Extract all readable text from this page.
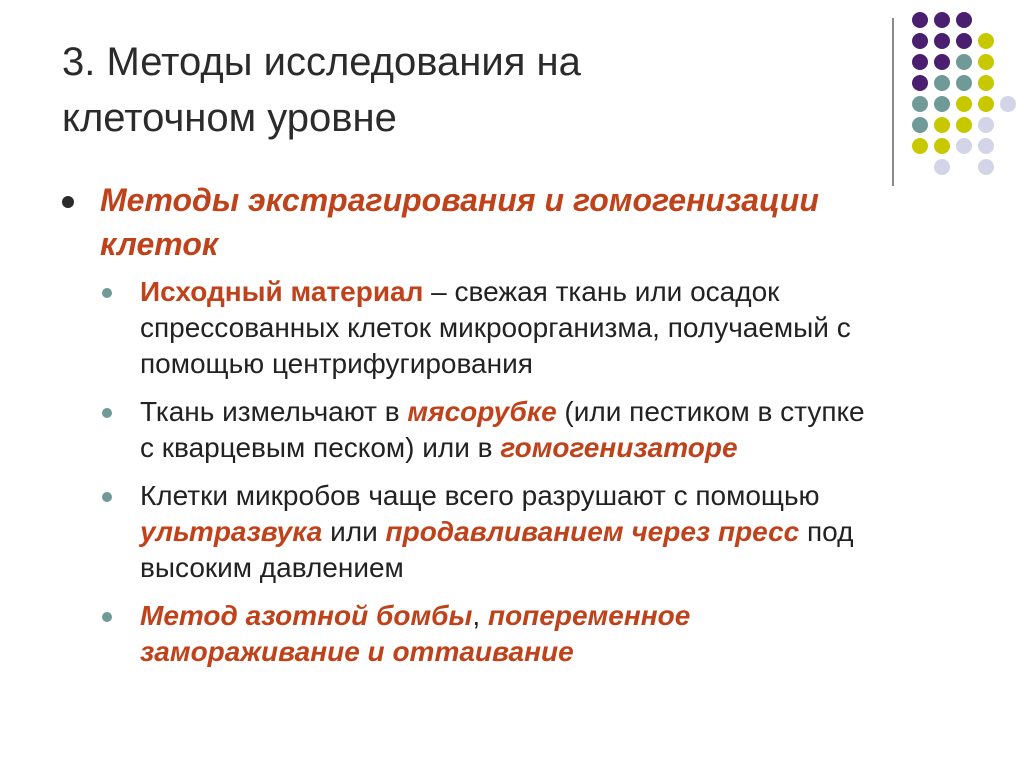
3. Методы исследования на
клеточном уровне
Методы экстрагирования и гомогенизации
клеток
Исходный материал – свежая ткань или осадок
спрессованных клеток микроорганизма, получаемый с
помощью центрифугирования
Ткань измельчают в мясорубке (или пестиком в ступке
с кварцевым песком) или в гомогенизаторе
Клетки микробов чаще всего разрушают с помощью
ультразвука или продавливанием через пресс под
высоким давлением
Метод азотной бомбы, попеременное
замораживание и оттаивание
